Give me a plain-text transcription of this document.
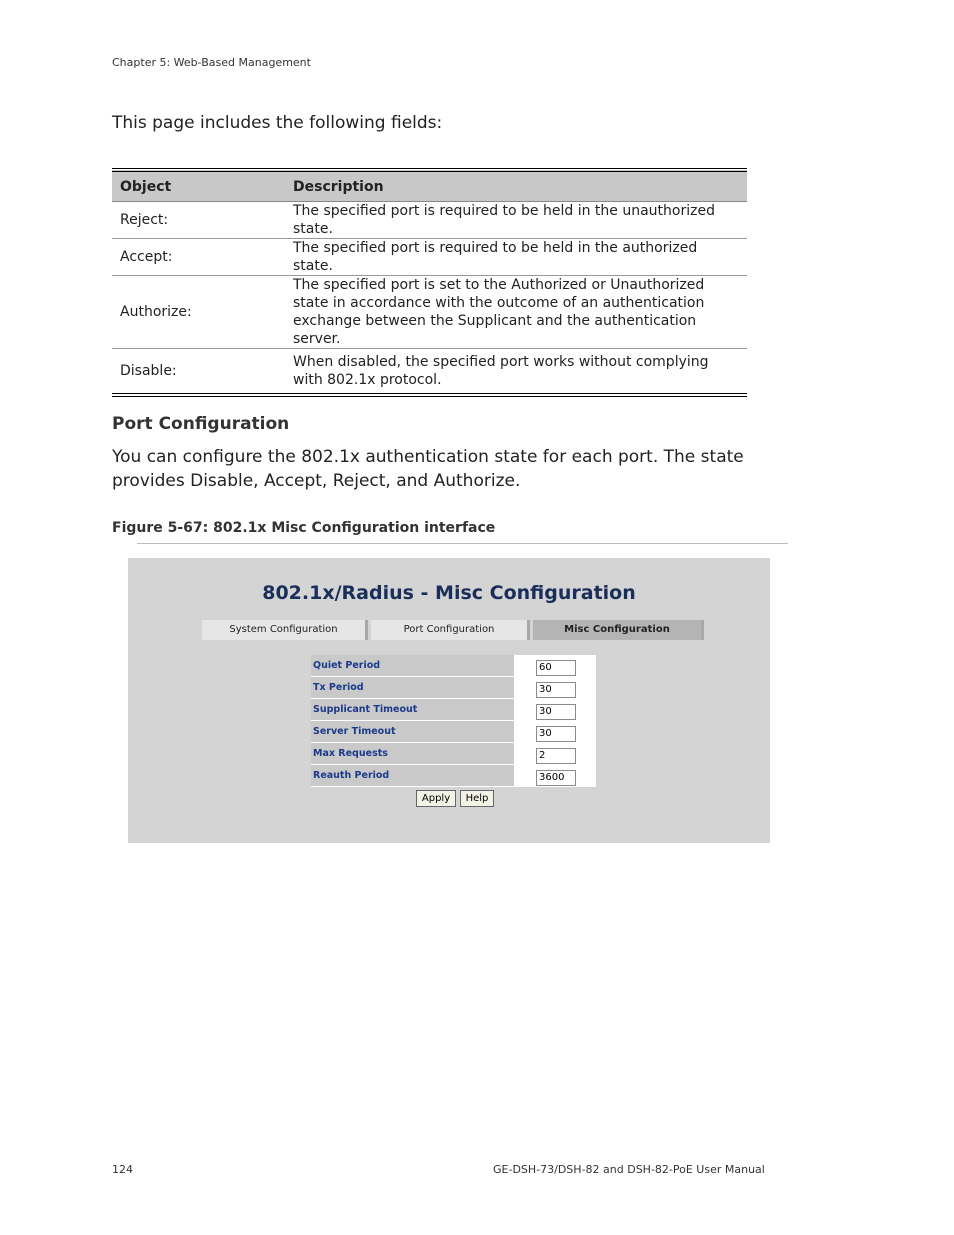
Chapter 5: Web-Based Management
This page includes the following fields:
Object	Description
Reject:	The specified port is required to be held in the unauthorized state.
Accept:	The specified port is required to be held in the authorized state.
Authorize:	The specified port is set to the Authorized or Unauthorized state in accordance with the outcome of an authentication exchange between the Supplicant and the authentication server.
Disable:	When disabled, the specified port works without complying with 802.1x protocol.
Port Configuration
You can configure the 802.1x authentication state for each port. The state provides Disable, Accept, Reject, and Authorize.
Figure 5-67: 802.1x Misc Configuration interface
802.1x/Radius - Misc Configuration
System Configuration	Port Configuration	Misc Configuration
Quiet Period	60
Tx Period	30
Supplicant Timeout	30
Server Timeout	30
Max Requests	2
Reauth Period	3600
Apply	Help
124	GE-DSH-73/DSH-82 and DSH-82-PoE User Manual
